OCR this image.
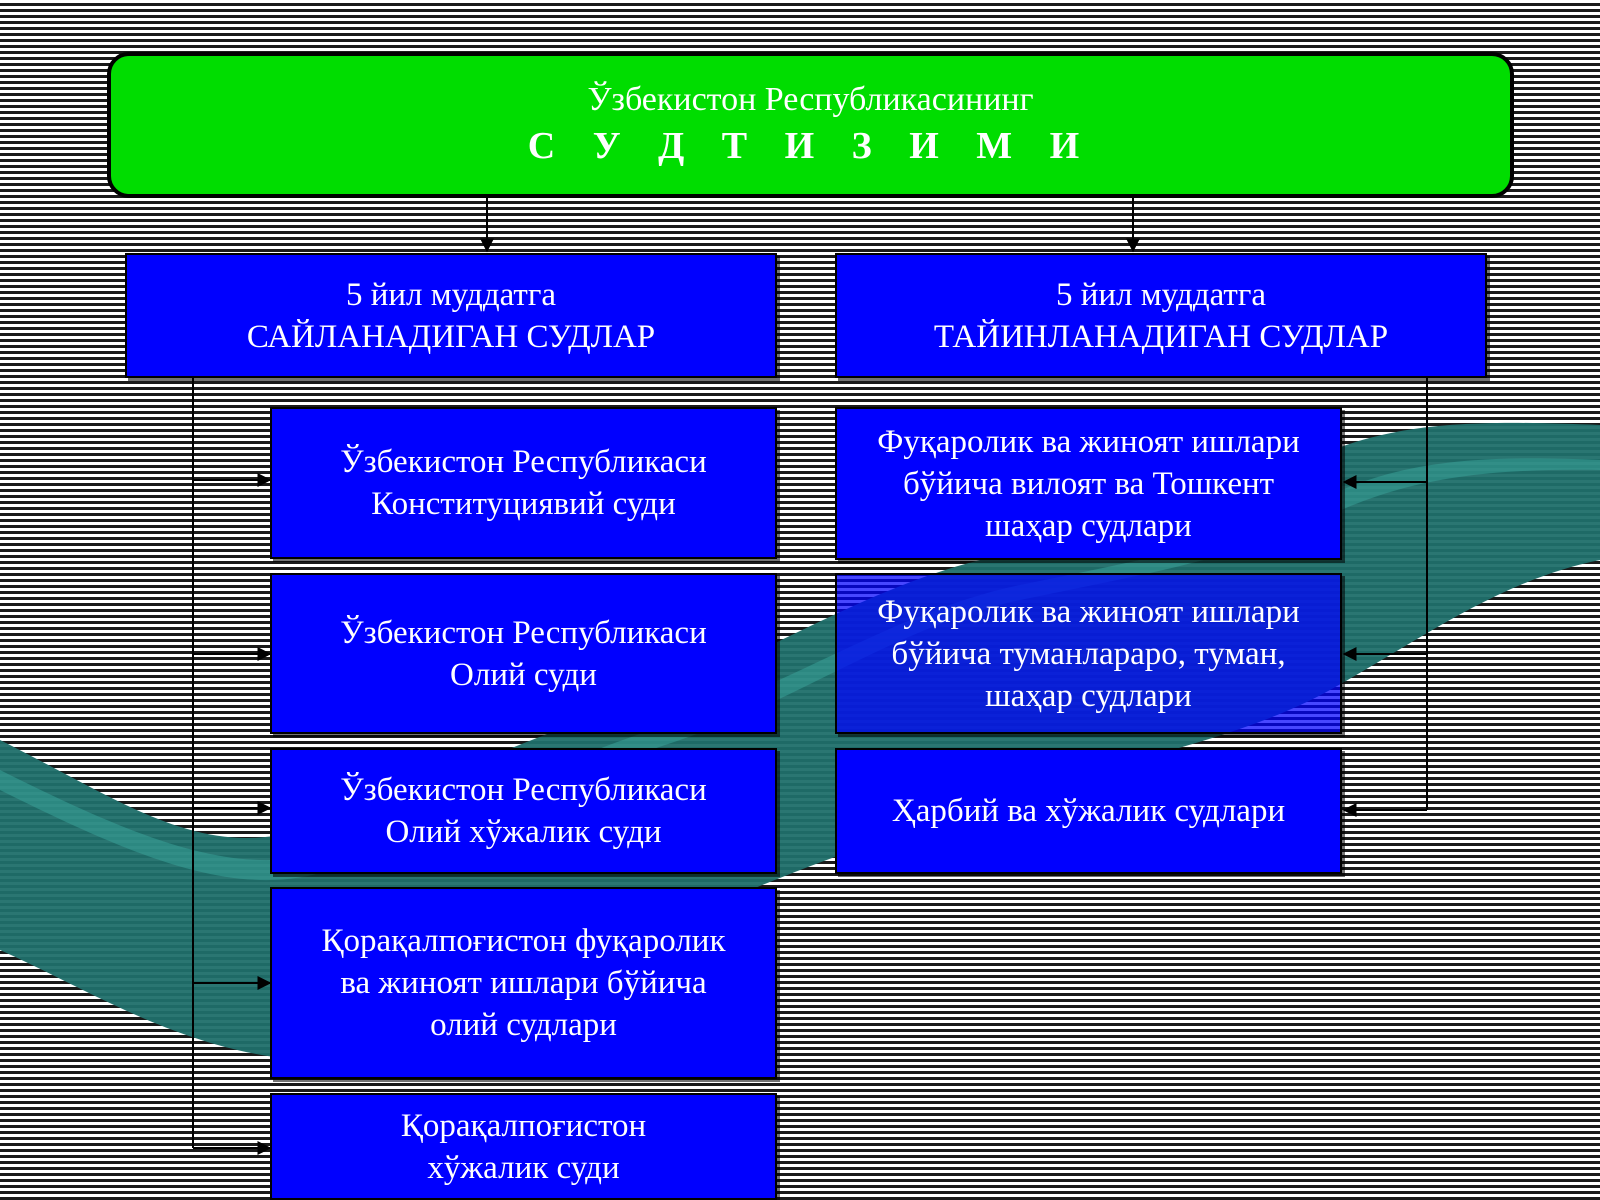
Ўзбекистон Республикасининг
С У Д Т И З И М И
5 йил муддатга
САЙЛАНАДИГАН СУДЛАР
5 йил муддатга
ТАЙИНЛАНАДИГАН СУДЛАР
Ўзбекистон Республикаси
Конституциявий суди
Ўзбекистон Республикаси
Олий суди
Ўзбекистон Республикаси
Олий хўжалик суди
Қорақалпоғистон фуқаролик
ва жиноят ишлари бўйича
олий судлари
Қорақалпоғистон
хўжалик суди
Фуқаролик ва жиноят ишлари
бўйича вилоят ва Тошкент
шаҳар судлари
Фуқаролик ва жиноят ишлари
бўйича туманлараро, туман,
шаҳар судлари
Ҳарбий ва хўжалик судлари
